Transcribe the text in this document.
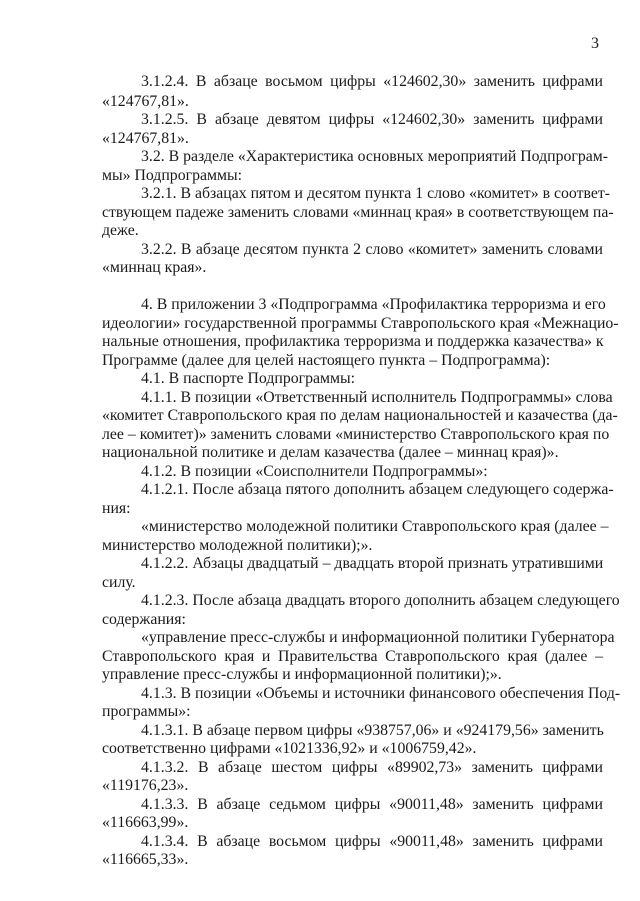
3
3.1.2.4. В абзаце восьмом цифры «124602,30» заменить цифрами
«124767,81».
3.1.2.5. В абзаце девятом цифры «124602,30» заменить цифрами
«124767,81».
3.2. В разделе «Характеристика основных мероприятий Подпрограм-
мы» Подпрограммы:
3.2.1. В абзацах пятом и десятом пункта 1 слово «комитет» в соответ-
ствующем падеже заменить словами «миннац края» в соответствующем па-
деже.
3.2.2. В абзаце десятом пункта 2 слово «комитет» заменить словами
«миннац края».
4. В приложении 3 «Подпрограмма «Профилактика терроризма и его
идеологии» государственной программы Ставропольского края «Межнацио-
нальные отношения, профилактика терроризма и поддержка казачества» к
Программе (далее для целей настоящего пункта – Подпрограмма):
4.1. В паспорте Подпрограммы:
4.1.1. В позиции «Ответственный исполнитель Подпрограммы» слова
«комитет Ставропольского края по делам национальностей и казачества (да-
лее – комитет)» заменить словами «министерство Ставропольского края по
национальной политике и делам казачества (далее – миннац края)».
4.1.2. В позиции «Соисполнители Подпрограммы»:
4.1.2.1. После абзаца пятого дополнить абзацем следующего содержа-
ния:
«министерство молодежной политики Ставропольского края (далее –
министерство молодежной политики);».
4.1.2.2. Абзацы двадцатый – двадцать второй признать утратившими
силу.
4.1.2.3. После абзаца двадцать второго дополнить абзацем следующего
содержания:
«управление пресс-службы и информационной политики Губернатора
Ставропольского края и Правительства Ставропольского края (далее –
управление пресс-службы и информационной политики);».
4.1.3. В позиции «Объемы и источники финансового обеспечения Под-
программы»:
4.1.3.1. В абзаце первом цифры «938757,06» и «924179,56» заменить
соответственно цифрами «1021336,92» и «1006759,42».
4.1.3.2. В абзаце шестом цифры «89902,73» заменить цифрами
«119176,23».
4.1.3.3. В абзаце седьмом цифры «90011,48» заменить цифрами
«116663,99».
4.1.3.4. В абзаце восьмом цифры «90011,48» заменить цифрами
«116665,33».
